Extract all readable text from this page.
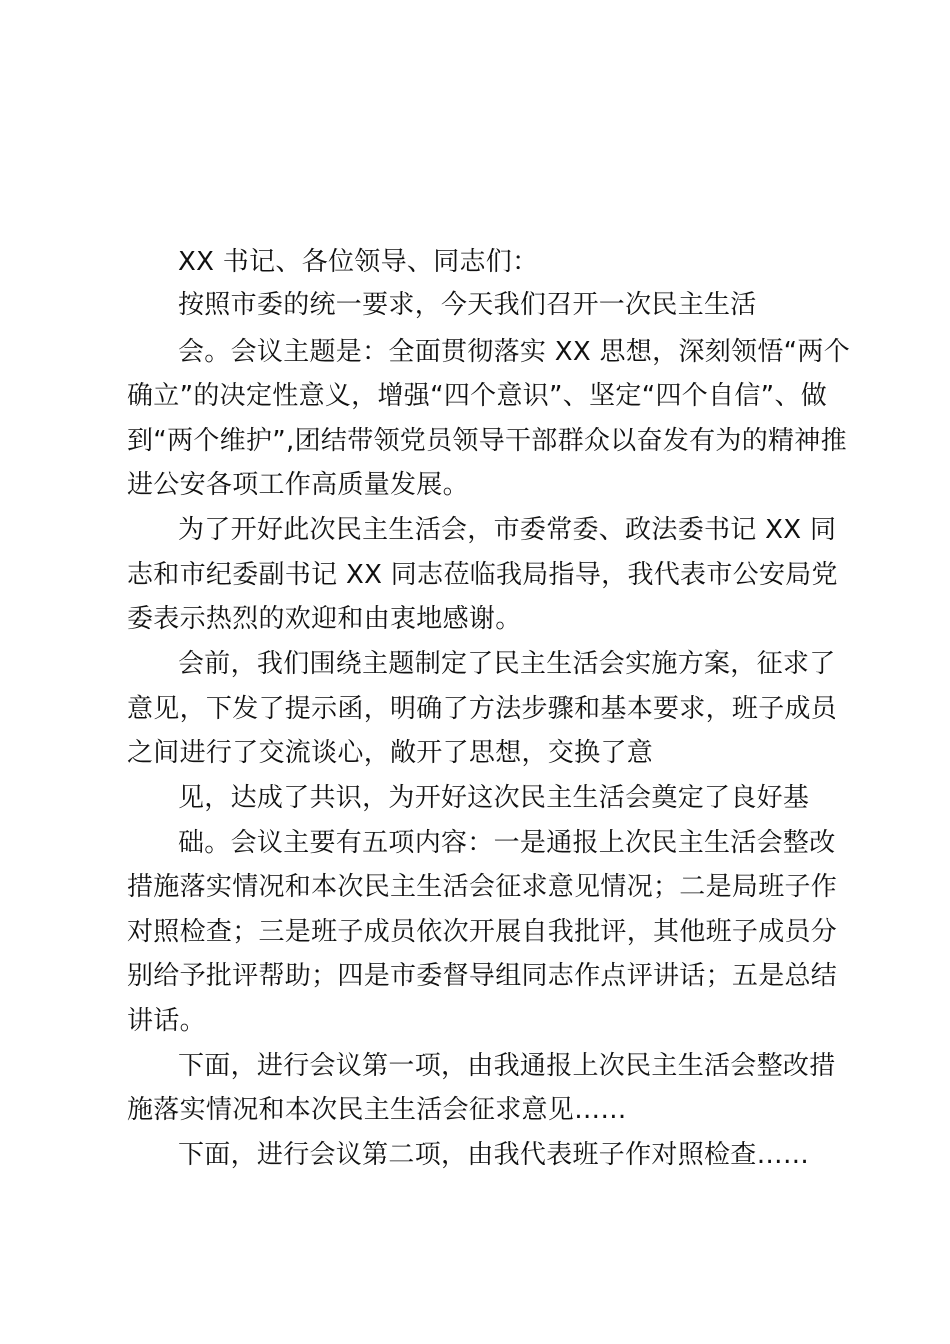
XX 书记、各位领导、同志们：

按照市委的统一要求，今天我们召开一次民主生活

会。会议主题是：全面贯彻落实 XX 思想，深刻领悟“两个

确立”的决定性意义，增强“四个意识”、坚定“四个自信”、做

到“两个维护”,团结带领党员领导干部群众以奋发有为的精神推

进公安各项工作高质量发展。

为了开好此次民主生活会，市委常委、政法委书记 XX 同

志和市纪委副书记 XX 同志莅临我局指导，我代表市公安局党

委表示热烈的欢迎和由衷地感谢。

会前，我们围绕主题制定了民主生活会实施方案，征求了

意见，下发了提示函，明确了方法步骤和基本要求，班子成员

之间进行了交流谈心，敞开了思想，交换了意

见，达成了共识，为开好这次民主生活会奠定了良好基

础。会议主要有五项内容：一是通报上次民主生活会整改

措施落实情况和本次民主生活会征求意见情况；二是局班子作

对照检查；三是班子成员依次开展自我批评，其他班子成员分

别给予批评帮助；四是市委督导组同志作点评讲话；五是总结

讲话。

下面，进行会议第一项，由我通报上次民主生活会整改措

施落实情况和本次民主生活会征求意见……

下面，进行会议第二项，由我代表班子作对照检查……
